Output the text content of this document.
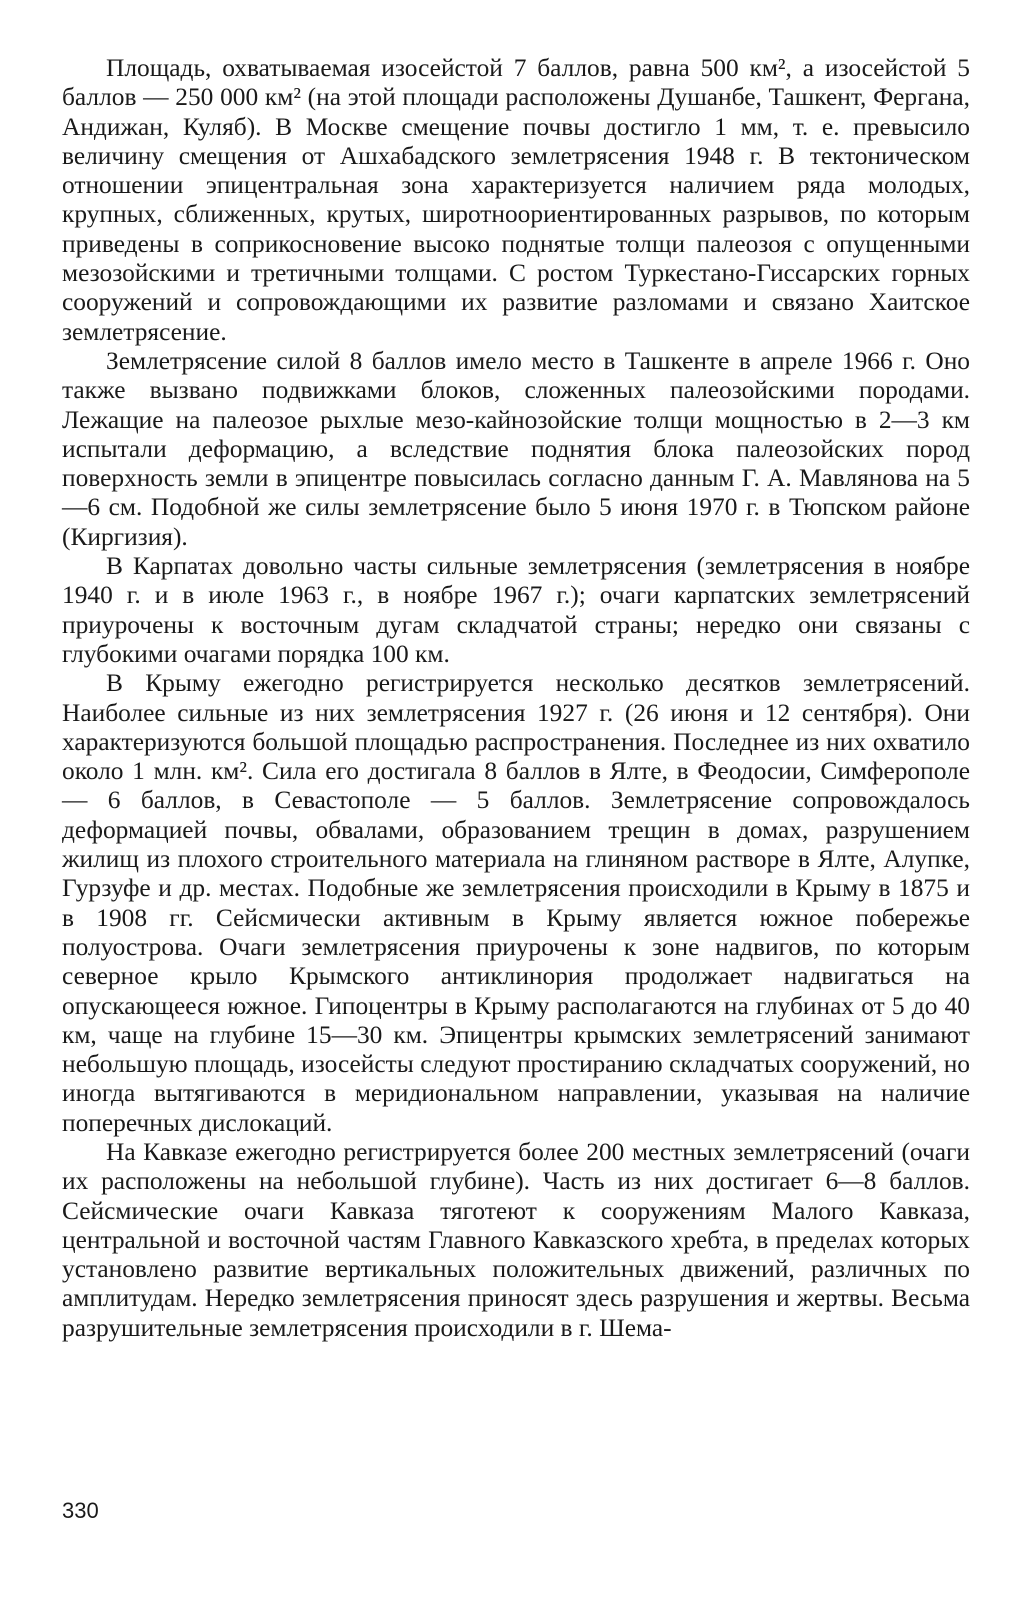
Площадь, охватываемая изосейстой 7 баллов, равна 500 км², а изосейстой 5 баллов — 250 000 км² (на этой площади расположены Душанбе, Ташкент, Фергана, Андижан, Куляб). В Москве смещение почвы достигло 1 мм, т. е. превысило величину смещения от Ашхабадского землетрясения 1948 г. В тектоническом отношении эпицентральная зона характеризуется наличием ряда молодых, крупных, сближенных, крутых, широтноориентированных разрывов, по которым приведены в соприкосновение высоко поднятые толщи палеозоя с опущенными мезозойскими и третичными толщами. С ростом Туркестано-Гиссарских горных сооружений и сопровождающими их развитие разломами и связано Хаитское землетрясение.

Землетрясение силой 8 баллов имело место в Ташкенте в апреле 1966 г. Оно также вызвано подвижками блоков, сложенных палеозойскими породами. Лежащие на палеозое рыхлые мезо-кайнозойские толщи мощностью в 2—3 км испытали деформацию, а вследствие поднятия блока палеозойских пород поверхность земли в эпицентре повысилась согласно данным Г. А. Мавлянова на 5—6 см. Подобной же силы землетрясение было 5 июня 1970 г. в Тюпском районе (Киргизия).

В Карпатах довольно часты сильные землетрясения (землетрясения в ноябре 1940 г. и в июле 1963 г., в ноябре 1967 г.); очаги карпатских землетрясений приурочены к восточным дугам складчатой страны; нередко они связаны с глубокими очагами порядка 100 км.

В Крыму ежегодно регистрируется несколько десятков землетрясений. Наиболее сильные из них землетрясения 1927 г. (26 июня и 12 сентября). Они характеризуются большой площадью распространения. Последнее из них охватило около 1 млн. км². Сила его достигала 8 баллов в Ялте, в Феодосии, Симферополе — 6 баллов, в Севастополе — 5 баллов. Землетрясение сопровождалось деформацией почвы, обвалами, образованием трещин в домах, разрушением жилищ из плохого строительного материала на глиняном растворе в Ялте, Алупке, Гурзуфе и др. местах. Подобные же землетрясения происходили в Крыму в 1875 и в 1908 гг. Сейсмически активным в Крыму является южное побережье полуострова. Очаги землетрясения приурочены к зоне надвигов, по которым северное крыло Крымского антиклинория продолжает надвигаться на опускающееся южное. Гипоцентры в Крыму располагаются на глубинах от 5 до 40 км, чаще на глубине 15—30 км. Эпицентры крымских землетрясений занимают небольшую площадь, изосейсты следуют простиранию складчатых сооружений, но иногда вытягиваются в меридиональном направлении, указывая на наличие поперечных дислокаций.

На Кавказе ежегодно регистрируется более 200 местных землетрясений (очаги их расположены на небольшой глубине). Часть из них достигает 6—8 баллов. Сейсмические очаги Кавказа тяготеют к сооружениям Малого Кавказа, центральной и восточной частям Главного Кавказского хребта, в пределах которых установлено развитие вертикальных положительных движений, различных по амплитудам. Нередко землетрясения приносят здесь разрушения и жертвы. Весьма разрушительные землетрясения происходили в г. Шема-

330
